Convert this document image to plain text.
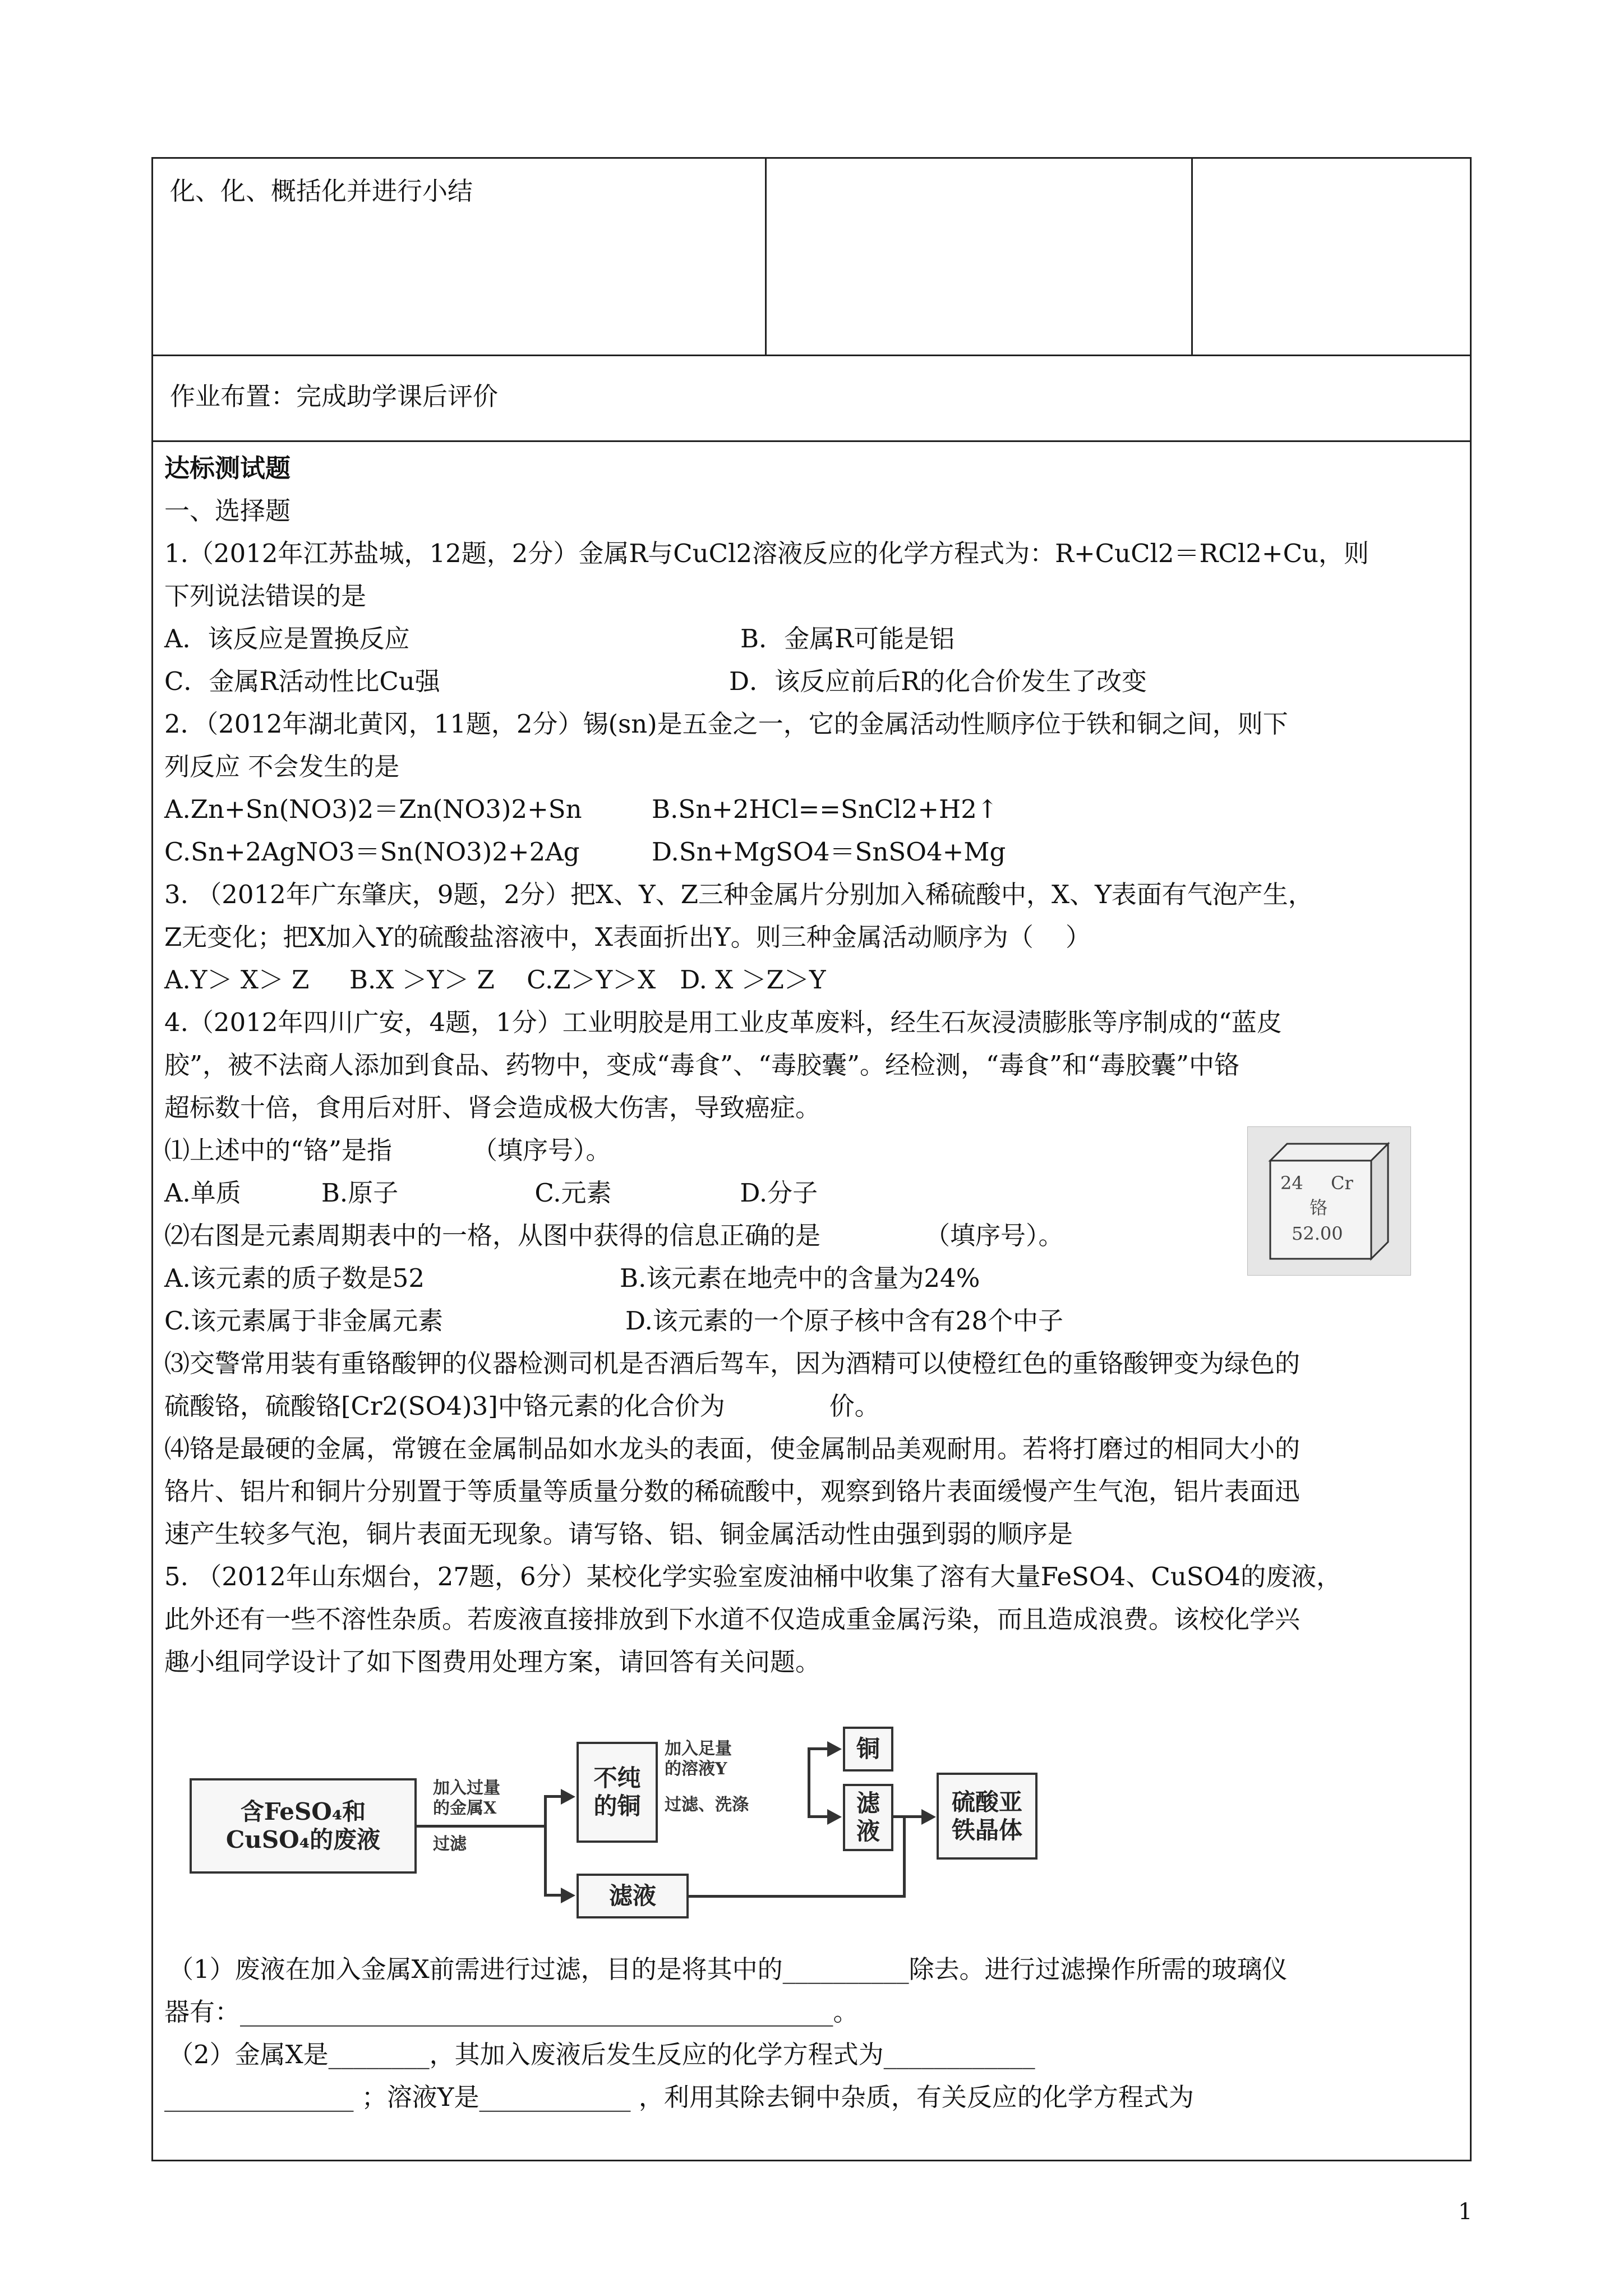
化、化、概括化并进行小结
作业布置：完成助学课后评价
达标测试题
一、选择题
1.（2012年江苏盐城，12题，2分）金属R与CuCl2溶液反应的化学方程式为：R+CuCl2＝RCl2+Cu，则
下列说法错误的是
A．该反应是置换反应	B．金属R可能是铝
C．金属R活动性比Cu强	D．该反应前后R的化合价发生了改变
2．（2012年湖北黄冈，11题，2分）锡(sn)是五金之一，它的金属活动性顺序位于铁和铜之间，则下
列反应 不会发生的是
A.Zn+Sn(NO3)2＝Zn(NO3)2+Sn	B.Sn+2HCl==SnCl2+H2↑
C.Sn+2AgNO3＝Sn(NO3)2+2Ag	D.Sn+MgSO4＝SnSO4+Mg
3. （2012年广东肇庆，9题，2分）把X、Y、Z三种金属片分别加入稀硫酸中，X、Y表面有气泡产生，
Z无变化；把X加入Y的硫酸盐溶液中，X表面折出Y。则三种金属活动顺序为（    ）
A.Y＞ X＞ Z     B.X ＞Y＞ Z    C.Z＞Y＞X   D. X ＞Z＞Y
4.（2012年四川广安，4题，1分）工业明胶是用工业皮革废料，经生石灰浸渍膨胀等序制成的“蓝皮
胶”，被不法商人添加到食品、药物中，变成“毒食”、“毒胶囊”。经检测，“毒食”和“毒胶囊”中铬
超标数十倍，食用后对肝、肾会造成极大伤害，导致癌症。
⑴上述中的“铬”是指          （填序号）。
A.单质          B.原子                 C.元素                D.分子
⑵右图是元素周期表中的一格，从图中获得的信息正确的是             （填序号）。
A.该元素的质子数是52	B.该元素在地壳中的含量为24%
C.该元素属于非金属元素	D.该元素的一个原子核中含有28个中子
⑶交警常用装有重铬酸钾的仪器检测司机是否酒后驾车，因为酒精可以使橙红色的重铬酸钾变为绿色的
硫酸铬，硫酸铬[Cr2(SO4)3]中铬元素的化合价为             价。
⑷铬是最硬的金属，常镀在金属制品如水龙头的表面，使金属制品美观耐用。若将打磨过的相同大小的
铬片、铝片和铜片分别置于等质量等质量分数的稀硫酸中，观察到铬片表面缓慢产生气泡，铝片表面迅
速产生较多气泡，铜片表面无现象。请写铬、铝、铜金属活动性由强到弱的顺序是
24 Cr
铬
52.00
5. （2012年山东烟台，27题，6分）某校化学实验室废油桶中收集了溶有大量FeSO4、CuSO4的废液，
此外还有一些不溶性杂质。若废液直接排放到下水道不仅造成重金属污染，而且造成浪费。该校化学兴
趣小组同学设计了如下图费用处理方案，请回答有关问题。
含FeSO₄和
CuSO₄的废液
加入过量
的金属X
过滤
不纯
的铜
滤液
加入足量
的溶液Y
过滤、洗涤
铜
滤
液
硫酸亚
铁晶体
（1）废液在加入金属X前需进行过滤，目的是将其中的__________除去。进行过滤操作所需的玻璃仪
器有：_______________________________________________。
（2）金属X是________，其加入废液后发生反应的化学方程式为____________
_______________ ；溶液Y是____________ ，利用其除去铜中杂质，有关反应的化学方程式为
1
